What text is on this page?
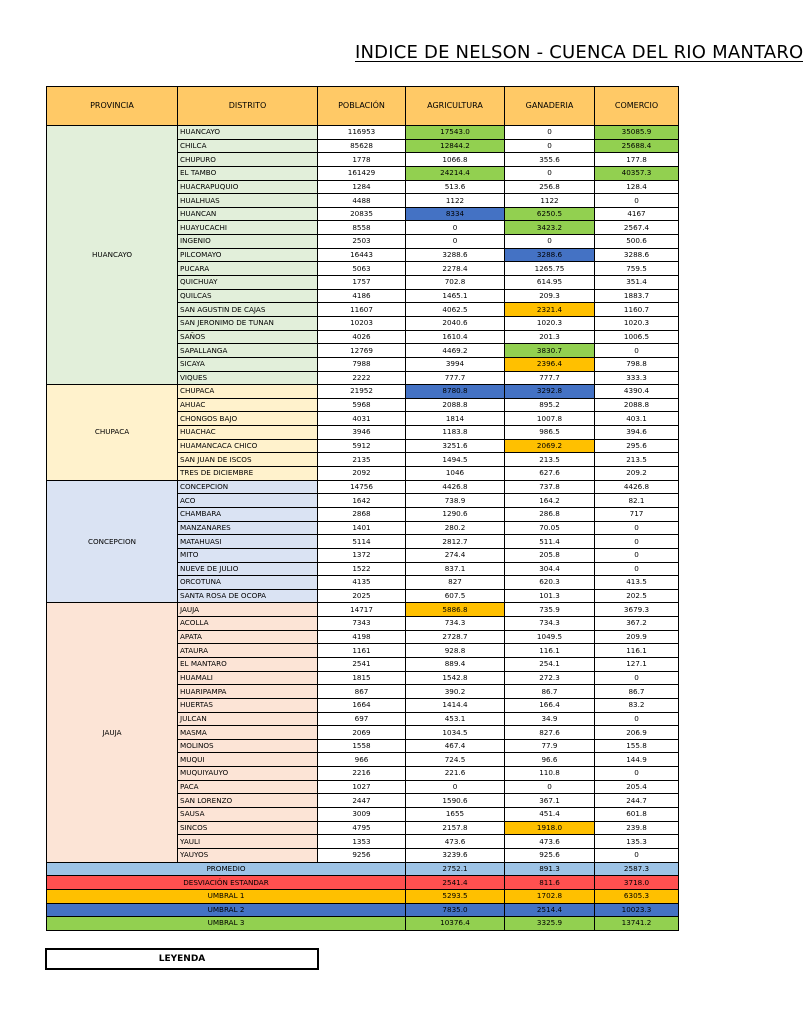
INDICE DE NELSON - CUENCA DEL RIO MANTARO
PROVINCIA	DISTRITO	POBLACIÓN	AGRICULTURA	GANADERIA	COMERCIO
HUANCAYO	HUANCAYO	116953	17543.0	0	35085.9
	CHILCA	85628	12844.2	0	25688.4
	CHUPURO	1778	1066.8	355.6	177.8
	EL TAMBO	161429	24214.4	0	40357.3
	HUACRAPUQUIO	1284	513.6	256.8	128.4
	HUALHUAS	4488	1122	1122	0
	HUANCAN	20835	8334	6250.5	4167
	HUAYUCACHI	8558	0	3423.2	2567.4
	INGENIO	2503	0	0	500.6
	PILCOMAYO	16443	3288.6	3288.6	3288.6
	PUCARA	5063	2278.4	1265.75	759.5
	QUICHUAY	1757	702.8	614.95	351.4
	QUILCAS	4186	1465.1	209.3	1883.7
	SAN AGUSTIN DE CAJAS	11607	4062.5	2321.4	1160.7
	SAN JERONIMO DE TUNAN	10203	2040.6	1020.3	1020.3
	SAÑOS	4026	1610.4	201.3	1006.5
	SAPALLANGA	12769	4469.2	3830.7	0
	SICAYA	7988	3994	2396.4	798.8
	VIQUES	2222	777.7	777.7	333.3
CHUPACA	CHUPACA	21952	8780.8	3292.8	4390.4
	AHUAC	5968	2088.8	895.2	2088.8
	CHONGOS BAJO	4031	1814	1007.8	403.1
	HUACHAC	3946	1183.8	986.5	394.6
	HUAMANCACA CHICO	5912	3251.6	2069.2	295.6
	SAN JUAN DE ISCOS	2135	1494.5	213.5	213.5
	TRES DE DICIEMBRE	2092	1046	627.6	209.2
CONCEPCION	CONCEPCION	14756	4426.8	737.8	4426.8
	ACO	1642	738.9	164.2	82.1
	CHAMBARA	2868	1290.6	286.8	717
	MANZANARES	1401	280.2	70.05	0
	MATAHUASI	5114	2812.7	511.4	0
	MITO	1372	274.4	205.8	0
	NUEVE DE JULIO	1522	837.1	304.4	0
	ORCOTUNA	4135	827	620.3	413.5
	SANTA ROSA DE OCOPA	2025	607.5	101.3	202.5
JAUJA	JAUJA	14717	5886.8	735.9	3679.3
	ACOLLA	7343	734.3	734.3	367.2
	APATA	4198	2728.7	1049.5	209.9
	ATAURA	1161	928.8	116.1	116.1
	EL MANTARO	2541	889.4	254.1	127.1
	HUAMALI	1815	1542.8	272.3	0
	HUARIPAMPA	867	390.2	86.7	86.7
	HUERTAS	1664	1414.4	166.4	83.2
	JULCAN	697	453.1	34.9	0
	MASMA	2069	1034.5	827.6	206.9
	MOLINOS	1558	467.4	77.9	155.8
	MUQUI	966	724.5	96.6	144.9
	MUQUIYAUYO	2216	221.6	110.8	0
	PACA	1027	0	0	205.4
	SAN LORENZO	2447	1590.6	367.1	244.7
	SAUSA	3009	1655	451.4	601.8
	SINCOS	4795	2157.8	1918.0	239.8
	YAULI	1353	473.6	473.6	135.3
	YAUYOS	9256	3239.6	925.6	0
PROMEDIO			2752.1	891.3	2587.3
DESVIACIÓN ESTANDAR			2541.4	811.6	3718.0
UMBRAL 1			5293.5	1702.8	6305.3
UMBRAL 2			7835.0	2514.4	10023.3
UMBRAL 3			10376.4	3325.9	13741.2
LEYENDA
